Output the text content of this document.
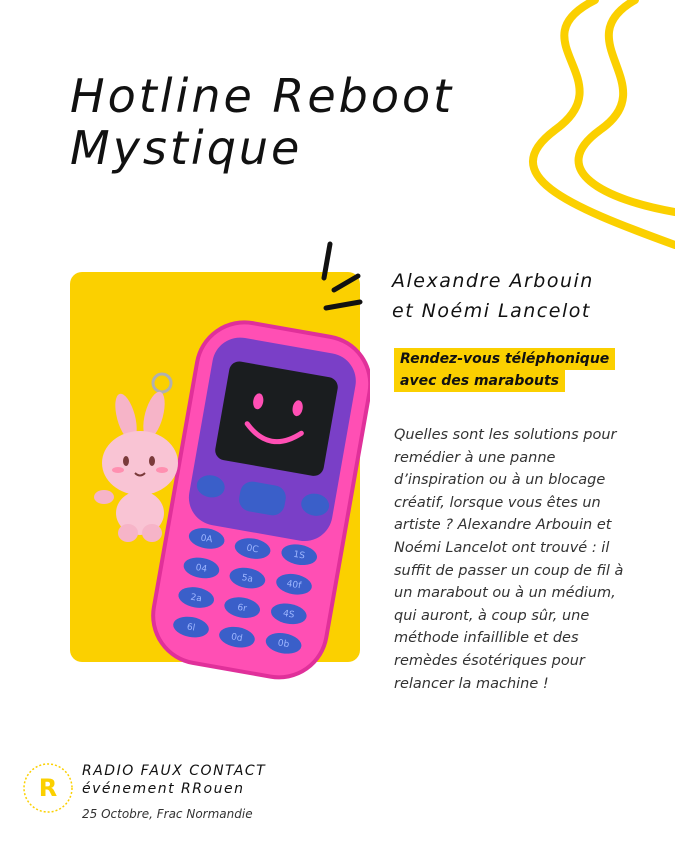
Hotline Reboot
Mystique
0A
0C
1S
04
5a	40f
2a
6r
4S
6l
0d
0b
Alexandre Arbouin
et Noémi Lancelot
Rendez-vous téléphonique
avec des marabouts

Quelles sont les solutions pour remédier à une panne d’inspiration ou à un blocage créatif, lorsque vous êtes un artiste ? Alexandre Arbouin et Noémi Lancelot ont trouvé : il suffit de passer un coup de fil à un marabout ou à un médium, qui auront, à coup sûr, une méthode infaillible et des remèdes ésotériques pour relancer la machine !

R
RADIO FAUX CONTACT
événement RRouen
25 Octobre, Frac Normandie
